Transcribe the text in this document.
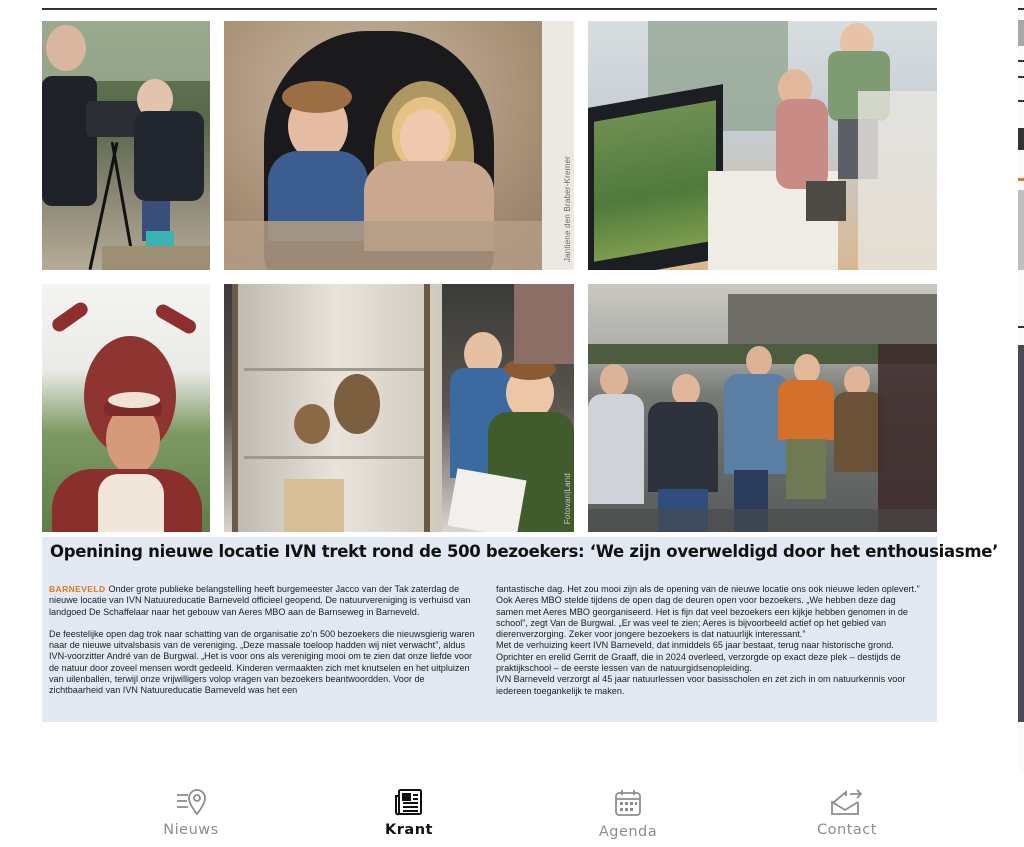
Jantiene den Braber-Kremer
Fotovan|Land
Openining nieuwe locatie IVN trekt rond de 500 bezoekers: ‘We zijn overweldigd door het enthousiasme’

BARNEVELD Onder grote publieke belangstelling heeft burgemeester Jacco van der Tak zaterdag de nieuwe locatie van IVN Natuureducatie Barneveld officieel geopend. De natuurvereniging is verhuisd van landgoed De Schaffelaar naar het gebouw van Aeres MBO aan de Barnseweg in Barneveld.

De feestelijke open dag trok naar schatting van de organisatie zo’n 500 bezoekers die nieuwsgierig waren naar de nieuwe uitvalsbasis van de vereniging. „Deze massale toeloop hadden wij niet verwacht”, aldus IVN-voorzitter André van de Burgwal. „Het is voor ons als vereniging mooi om te zien dat onze liefde voor de natuur door zoveel mensen wordt gedeeld. Kinderen vermaakten zich met knutselen en het uitpluizen van uilenballen, terwijl onze vrijwilligers volop vragen van bezoekers beantwoordden. Voor de zichtbaarheid van IVN Natuureducatie Barneveld was het een

fantastische dag. Het zou mooi zijn als de opening van de nieuwe locatie ons ook nieuwe leden oplevert.”

Ook Aeres MBO stelde tijdens de open dag de deuren open voor bezoekers. „We hebben deze dag samen met Aeres MBO georganiseerd. Het is fijn dat veel bezoekers een kijkje hebben genomen in de school”, zegt Van de Burgwal. „Er was veel te zien; Aeres is bijvoorbeeld actief op het gebied van dierenverzorging. Zeker voor jongere bezoekers is dat natuurlijk interessant.”

Met de verhuizing keert IVN Barneveld, dat inmiddels 65 jaar bestaat, terug naar historische grond. Oprichter en erelid Gerrit de Graaff, die in 2024 overleed, verzorgde op exact deze plek – destijds de praktijkschool – de eerste lessen van de natuurgidsenopleiding.

IVN Barneveld verzorgt al 45 jaar natuurlessen voor basisscholen en zet zich in om natuurkennis voor iedereen toegankelijk te maken.

Nieuws	Krant	Agenda	Contact
